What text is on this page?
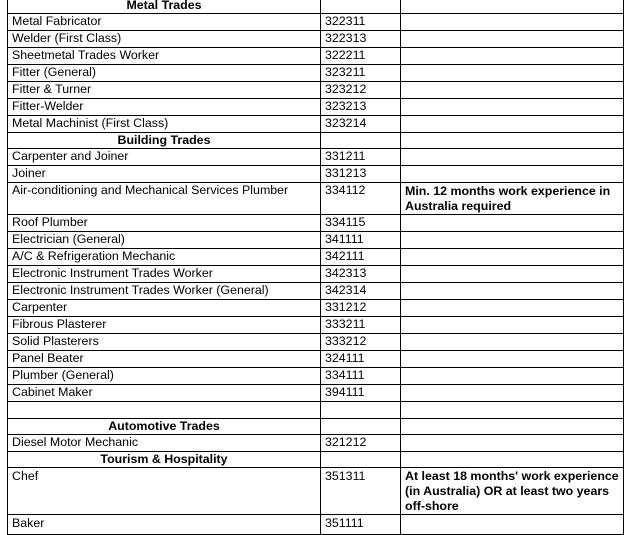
Metal Trades		
Metal Fabricator	322311	
Welder (First Class)	322313	
Sheetmetal Trades Worker	322211	
Fitter (General)	323211	
Fitter & Turner	323212	
Fitter-Welder	323213	
Metal Machinist (First Class)	323214	
Building Trades		
Carpenter and Joiner	331211	
Joiner	331213	
Air-conditioning and Mechanical Services Plumber	334112	Min. 12 months work experience in Australia required
Roof Plumber	334115	
Electrician (General)	341111	
A/C & Refrigeration Mechanic	342111	
Electronic Instrument Trades Worker	342313	
Electronic Instrument Trades Worker (General)	342314	
Carpenter	331212	
Fibrous Plasterer	333211	
Solid Plasterers	333212	
Panel Beater	324111	
Plumber (General)	334111	
Cabinet Maker	394111	

Automotive Trades		
Diesel Motor Mechanic	321212	
Tourism & Hospitality		
Chef	351311	At least 18 months' work experience (in Australia) OR at least two years off-shore
Baker	351111	
